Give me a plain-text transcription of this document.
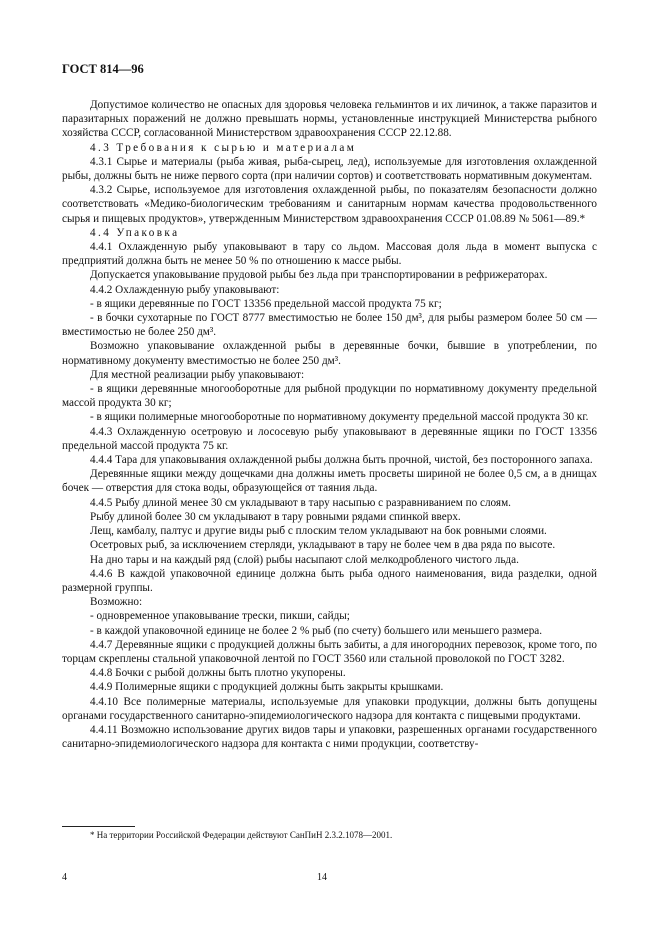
ГОСТ 814—96

Допустимое количество не опасных для здоровья человека гельминтов и их личинок, а также паразитов и паразитарных поражений не должно превышать нормы, установленные инструкцией Министерства рыбного хозяйства СССР, согласованной Министерством здравоохранения СССР 22.12.88.

4.3 Требования к сырью и материалам

4.3.1 Сырье и материалы (рыба живая, рыба-сырец, лед), используемые для изготовления охлажденной рыбы, должны быть не ниже первого сорта (при наличии сортов) и соответствовать нормативным документам.

4.3.2 Сырье, используемое для изготовления охлажденной рыбы, по показателям безопасности должно соответствовать «Медико-биологическим требованиям и санитарным нормам качества продовольственного сырья и пищевых продуктов», утвержденным Министерством здравоохранения СССР 01.08.89 № 5061—89.*

4.4 Упаковка

4.4.1 Охлажденную рыбу упаковывают в тару со льдом. Массовая доля льда в момент выпуска с предприятий должна быть не менее 50 % по отношению к массе рыбы.

Допускается упаковывание прудовой рыбы без льда при транспортировании в рефрижераторах.

4.4.2 Охлажденную рыбу упаковывают:

- в ящики деревянные по ГОСТ 13356 предельной массой продукта 75 кг;

- в бочки сухотарные по ГОСТ 8777 вместимостью не более 150 дм³, для рыбы размером более 50 см — вместимостью не более 250 дм³.

Возможно упаковывание охлажденной рыбы в деревянные бочки, бывшие в употреблении, по нормативному документу вместимостью не более 250 дм³.

Для местной реализации рыбу упаковывают:

- в ящики деревянные многооборотные для рыбной продукции по нормативному документу предельной массой продукта 30 кг;

- в ящики полимерные многооборотные по нормативному документу предельной массой продукта 30 кг.

4.4.3 Охлажденную осетровую и лососевую рыбу упаковывают в деревянные ящики по ГОСТ 13356 предельной массой продукта 75 кг.

4.4.4 Тара для упаковывания охлажденной рыбы должна быть прочной, чистой, без посторонного запаха.

Деревянные ящики между дощечками дна должны иметь просветы шириной не более 0,5 см, а в днищах бочек — отверстия для стока воды, образующейся от таяния льда.

4.4.5 Рыбу длиной менее 30 см укладывают в тару насыпью с разравниванием по слоям.

Рыбу длиной более 30 см укладывают в тару ровными рядами спинкой вверх.

Лещ, камбалу, палтус и другие виды рыб с плоским телом укладывают на бок ровными слоями.

Осетровых рыб, за исключением стерляди, укладывают в тару не более чем в два ряда по высоте.

На дно тары и на каждый ряд (слой) рыбы насыпают слой мелкодробленого чистого льда.

4.4.6 В каждой упаковочной единице должна быть рыба одного наименования, вида разделки, одной размерной группы.

Возможно:

- одновременное упаковывание трески, пикши, сайды;

- в каждой упаковочной единице не более 2 % рыб (по счету) большего или меньшего размера.

4.4.7 Деревянные ящики с продукцией должны быть забиты, а для иногородних перевозок, кроме того, по торцам скреплены стальной упаковочной лентой по ГОСТ 3560 или стальной проволокой по ГОСТ 3282.

4.4.8 Бочки с рыбой должны быть плотно укупорены.

4.4.9 Полимерные ящики с продукцией должны быть закрыты крышками.

4.4.10 Все полимерные материалы, используемые для упаковки продукции, должны быть допущены органами государственного санитарно-эпидемиологического надзора для контакта с пищевыми продуктами.

4.4.11 Возможно использование других видов тары и упаковки, разрешенных органами государственного санитарно-эпидемиологического надзора для контакта с ними продукции, соответству-

* На территории Российской Федерации действуют СанПиН 2.3.2.1078—2001.
4	14
